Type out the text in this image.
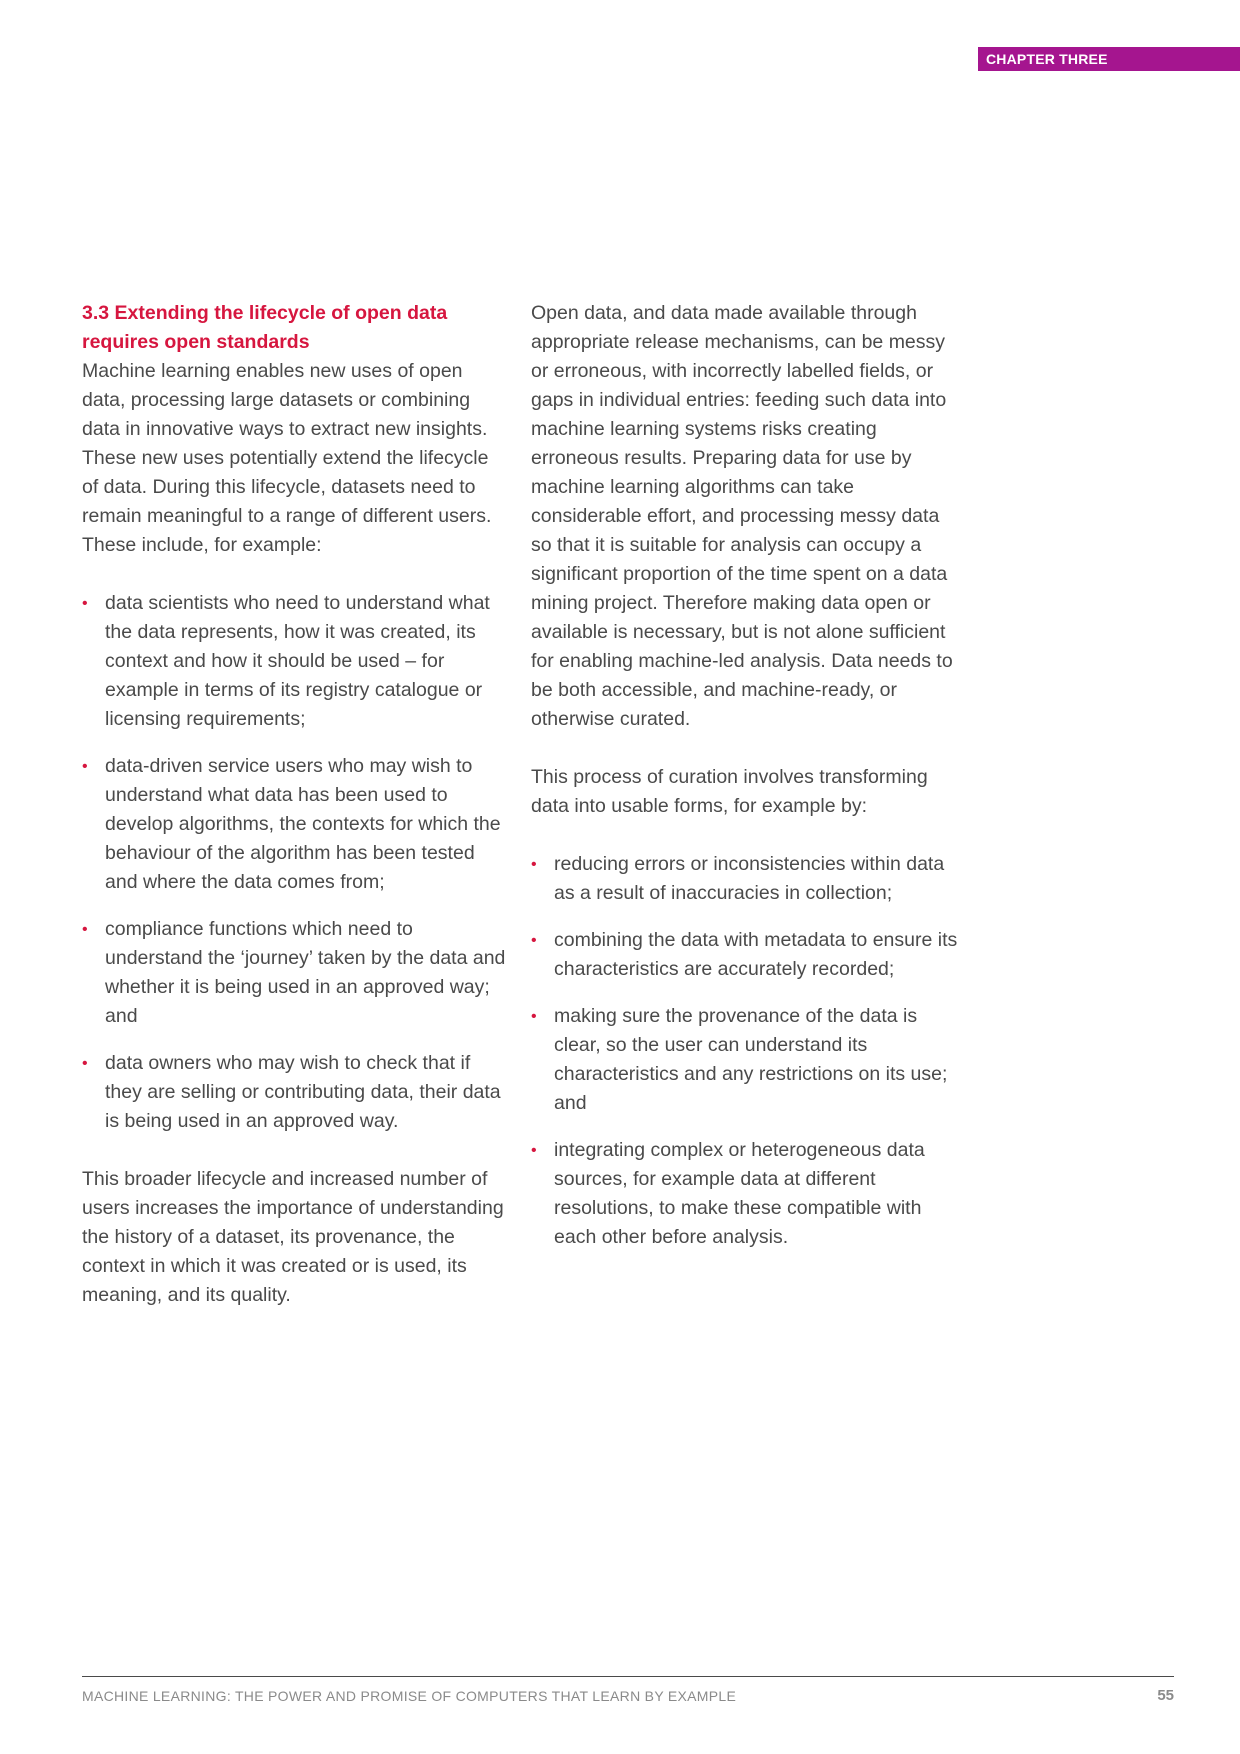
CHAPTER THREE
3.3 Extending the lifecycle of open data requires open standards

Machine learning enables new uses of open data, processing large datasets or combining data in innovative ways to extract new insights. These new uses potentially extend the lifecycle of data. During this lifecycle, datasets need to remain meaningful to a range of different users. These include, for example:

• data scientists who need to understand what the data represents, how it was created, its context and how it should be used – for example in terms of its registry catalogue or licensing requirements;
• data-driven service users who may wish to understand what data has been used to develop algorithms, the contexts for which the behaviour of the algorithm has been tested and where the data comes from;
• compliance functions which need to understand the ‘journey’ taken by the data and whether it is being used in an approved way; and
• data owners who may wish to check that if they are selling or contributing data, their data is being used in an approved way.

This broader lifecycle and increased number of users increases the importance of understanding the history of a dataset, its provenance, the context in which it was created or is used, its meaning, and its quality.

Open data, and data made available through appropriate release mechanisms, can be messy or erroneous, with incorrectly labelled fields, or gaps in individual entries: feeding such data into machine learning systems risks creating erroneous results. Preparing data for use by machine learning algorithms can take considerable effort, and processing messy data so that it is suitable for analysis can occupy a significant proportion of the time spent on a data mining project. Therefore making data open or available is necessary, but is not alone sufficient for enabling machine-led analysis. Data needs to be both accessible, and machine-ready, or otherwise curated.

This process of curation involves transforming data into usable forms, for example by:

• reducing errors or inconsistencies within data as a result of inaccuracies in collection;
• combining the data with metadata to ensure its characteristics are accurately recorded;
• making sure the provenance of the data is clear, so the user can understand its characteristics and any restrictions on its use; and
• integrating complex or heterogeneous data sources, for example data at different resolutions, to make these compatible with each other before analysis.
MACHINE LEARNING: THE POWER AND PROMISE OF COMPUTERS THAT LEARN BY EXAMPLE	55
